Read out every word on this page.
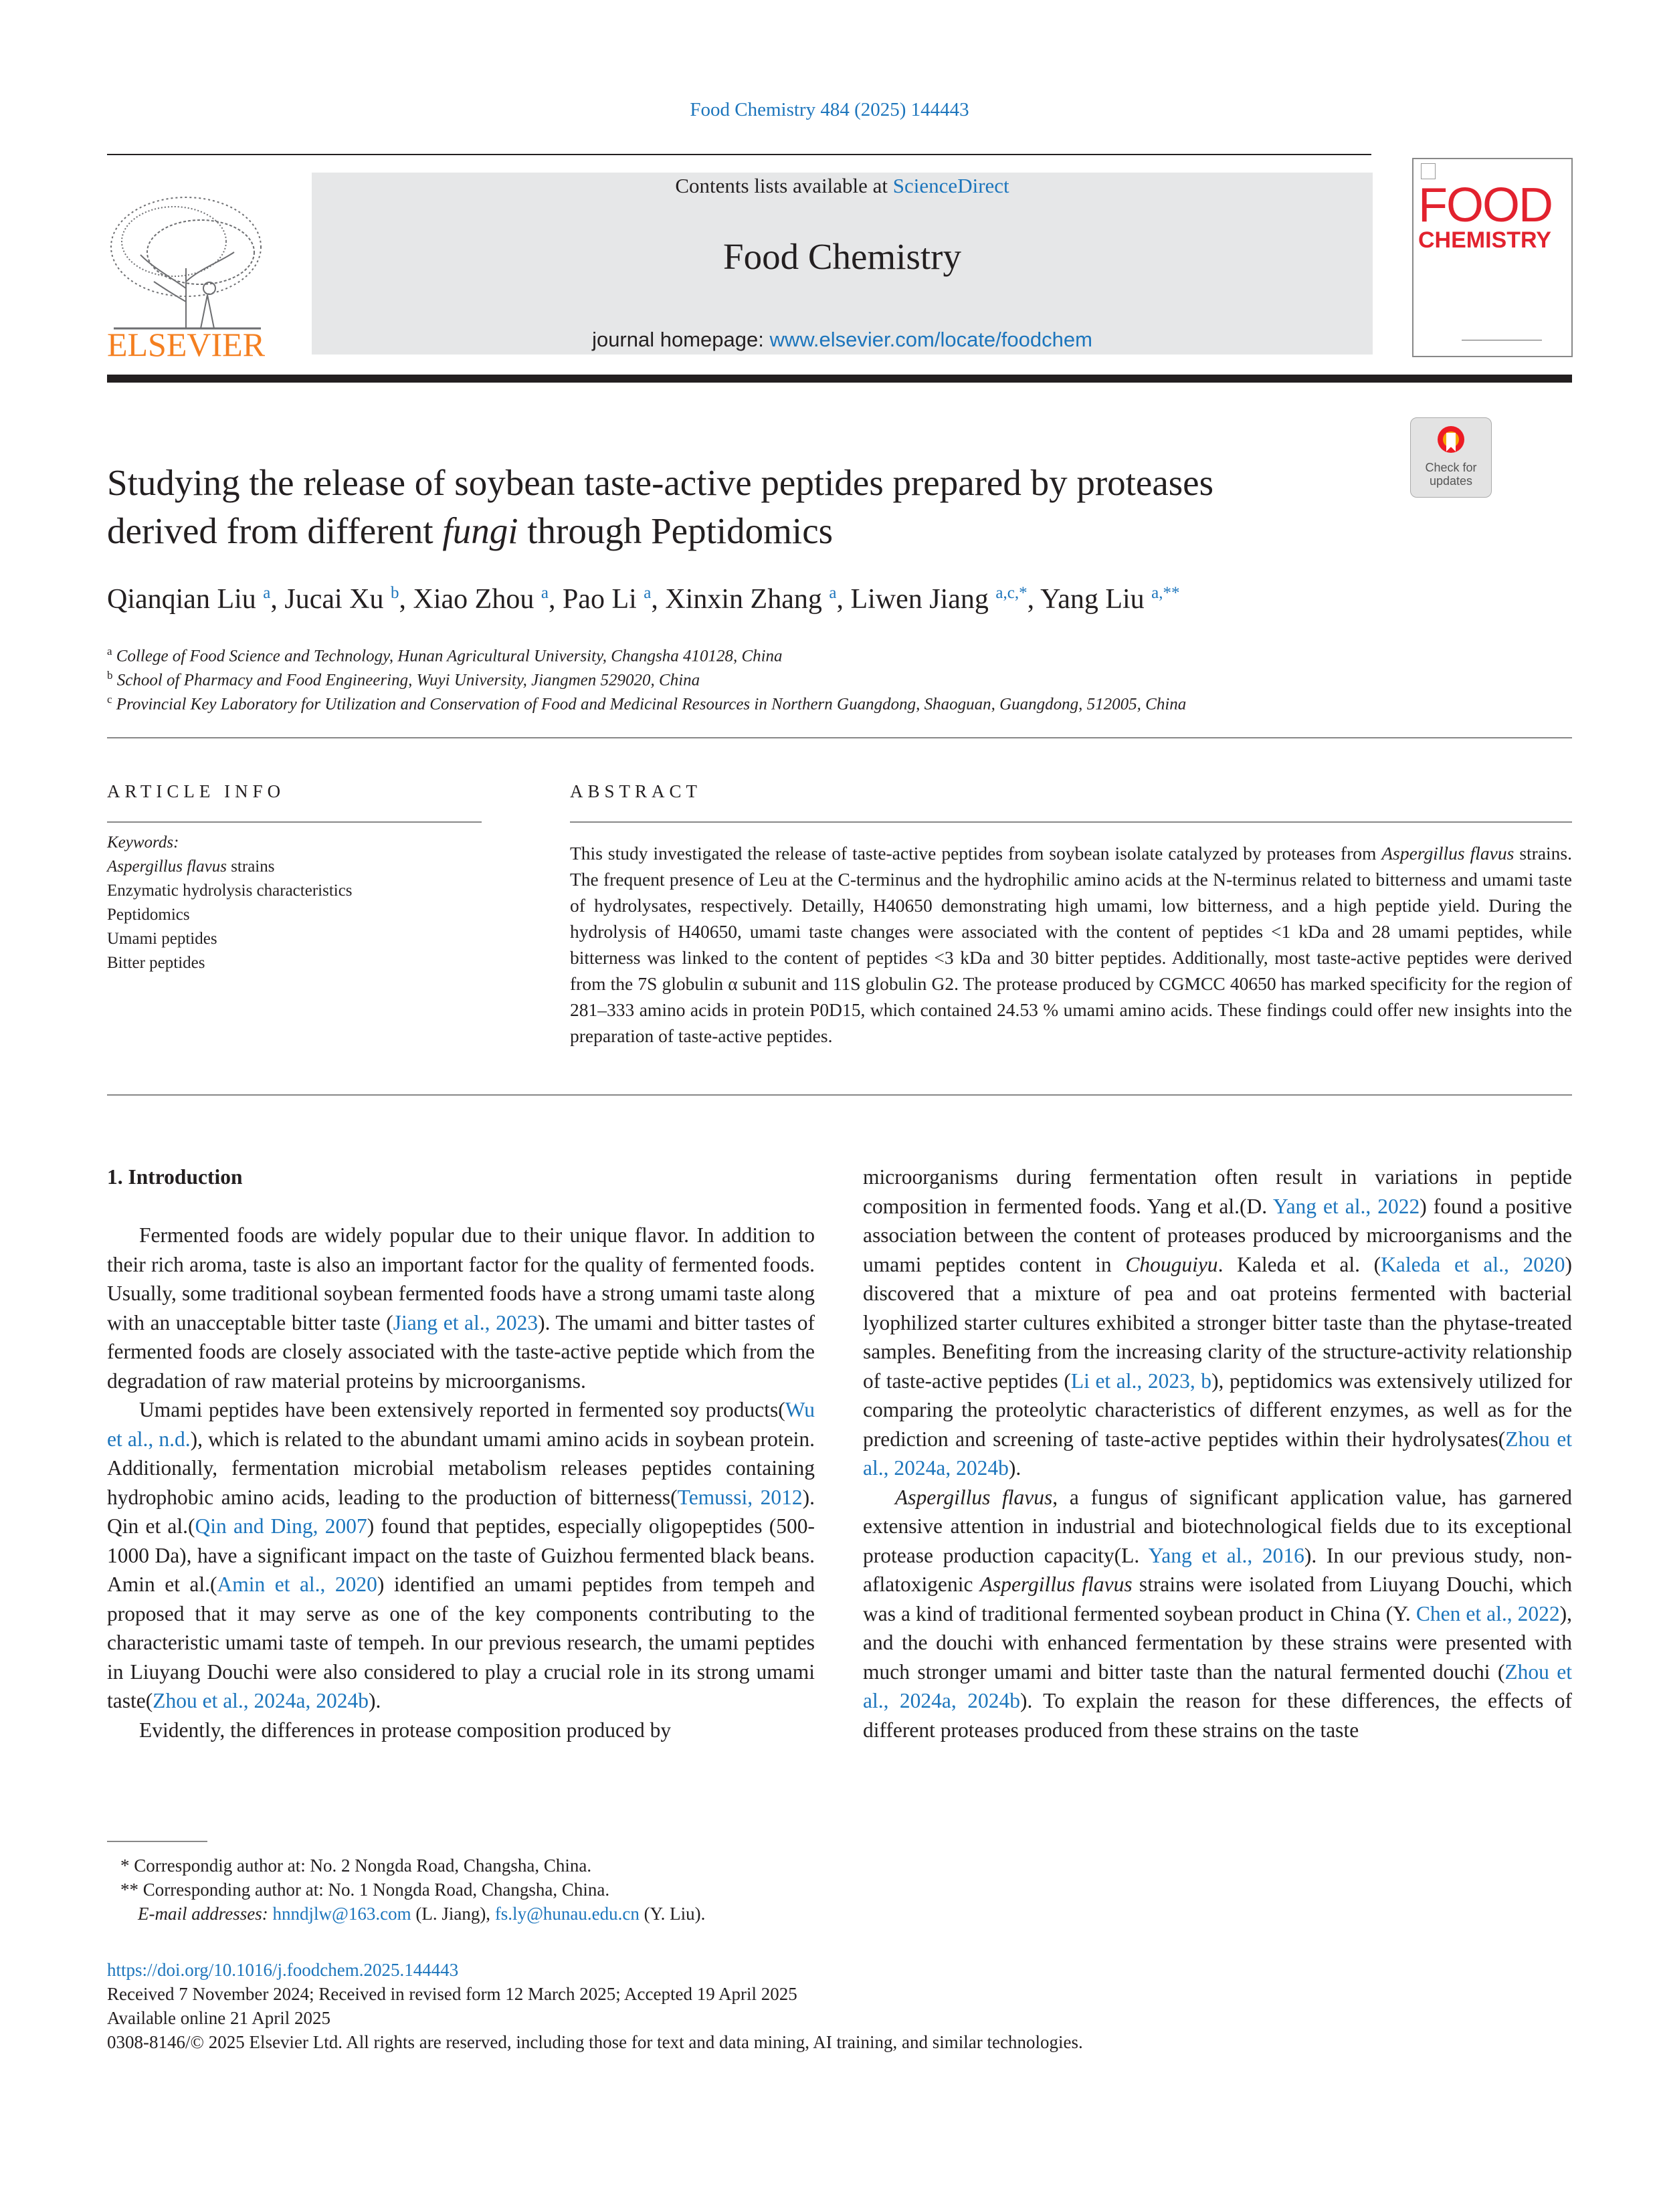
Food Chemistry 484 (2025) 144443
ELSEVIER
Contents lists available at ScienceDirect
Food Chemistry
journal homepage: www.elsevier.com/locate/foodchem
FOOD
CHEMISTRY
Studying the release of soybean taste-active peptides prepared by proteases
derived from different fungi through Peptidomics
Check for
updates
Qianqian Liu $^a$, Jucai Xu $^b$, Xiao Zhou $^a$, Pao Li $^a$, Xinxin Zhang $^a$, Liwen Jiang $^{a,c,*}$, Yang Liu $^{a,**}$
$^a$ College of Food Science and Technology, Hunan Agricultural University, Changsha 410128, China
$^b$ School of Pharmacy and Food Engineering, Wuyi University, Jiangmen 529020, China
$^c$ Provincial Key Laboratory for Utilization and Conservation of Food and Medicinal Resources in Northern Guangdong, Shaoguan, Guangdong, 512005, China
ARTICLE INFO
Keywords:
Aspergillus flavus strains
Enzymatic hydrolysis characteristics
Peptidomics
Umami peptides
Bitter peptides
ABSTRACT
This study investigated the release of taste-active peptides from soybean isolate catalyzed by proteases from Aspergillus flavus strains. The frequent presence of Leu at the C-terminus and the hydrophilic amino acids at the N-terminus related to bitterness and umami taste of hydrolysates, respectively. Detailly, H40650 demonstrating high umami, low bitterness, and a high peptide yield. During the hydrolysis of H40650, umami taste changes were associated with the content of peptides <1 kDa and 28 umami peptides, while bitterness was linked to the content of peptides <3 kDa and 30 bitter peptides. Additionally, most taste-active peptides were derived from the 7S globulin α subunit and 11S globulin G2. The protease produced by CGMCC 40650 has marked specificity for the region of 281–333 amino acids in protein P0D15, which contained 24.53 % umami amino acids. These findings could offer new insights into the preparation of taste-active peptides.
1. Introduction

Fermented foods are widely popular due to their unique flavor. In addition to their rich aroma, taste is also an important factor for the quality of fermented foods. Usually, some traditional soybean fermented foods have a strong umami taste along with an unacceptable bitter taste (Jiang et al., 2023). The umami and bitter tastes of fermented foods are closely associated with the taste-active peptide which from the degradation of raw material proteins by microorganisms.

Umami peptides have been extensively reported in fermented soy products(Wu et al., n.d.), which is related to the abundant umami amino acids in soybean protein. Additionally, fermentation microbial metabolism releases peptides containing hydrophobic amino acids, leading to the production of bitterness(Temussi, 2012). Qin et al.(Qin and Ding, 2007) found that peptides, especially oligopeptides (500-1000 Da), have a significant impact on the taste of Guizhou fermented black beans. Amin et al.(Amin et al., 2020) identified an umami peptides from tempeh and proposed that it may serve as one of the key components contributing to the characteristic umami taste of tempeh. In our previous research, the umami peptides in Liuyang Douchi were also considered to play a crucial role in its strong umami taste(Zhou et al., 2024a, 2024b).

Evidently, the differences in protease composition produced by

microorganisms during fermentation often result in variations in peptide composition in fermented foods. Yang et al.(D. Yang et al., 2022) found a positive association between the content of proteases produced by microorganisms and the umami peptides content in Chouguiyu. Kaleda et al. (Kaleda et al., 2020) discovered that a mixture of pea and oat proteins fermented with bacterial lyophilized starter cultures exhibited a stronger bitter taste than the phytase-treated samples. Benefiting from the increasing clarity of the structure-activity relationship of taste-active peptides (Li et al., 2023, b), peptidomics was extensively utilized for comparing the proteolytic characteristics of different enzymes, as well as for the prediction and screening of taste-active peptides within their hydrolysates(Zhou et al., 2024a, 2024b).

Aspergillus flavus, a fungus of significant application value, has garnered extensive attention in industrial and biotechnological fields due to its exceptional protease production capacity(L. Yang et al., 2016). In our previous study, non-aflatoxigenic Aspergillus flavus strains were isolated from Liuyang Douchi, which was a kind of traditional fermented soybean product in China (Y. Chen et al., 2022), and the douchi with enhanced fermentation by these strains were presented with much stronger umami and bitter taste than the natural fermented douchi (Zhou et al., 2024a, 2024b). To explain the reason for these differences, the effects of different proteases produced from these strains on the taste

* Correspondig author at: No. 2 Nongda Road, Changsha, China.
** Corresponding author at: No. 1 Nongda Road, Changsha, China.
E-mail addresses: hnndjlw@163.com (L. Jiang), fs.ly@hunau.edu.cn (Y. Liu).
https://doi.org/10.1016/j.foodchem.2025.144443
Received 7 November 2024; Received in revised form 12 March 2025; Accepted 19 April 2025
Available online 21 April 2025
0308-8146/© 2025 Elsevier Ltd. All rights are reserved, including those for text and data mining, AI training, and similar technologies.
